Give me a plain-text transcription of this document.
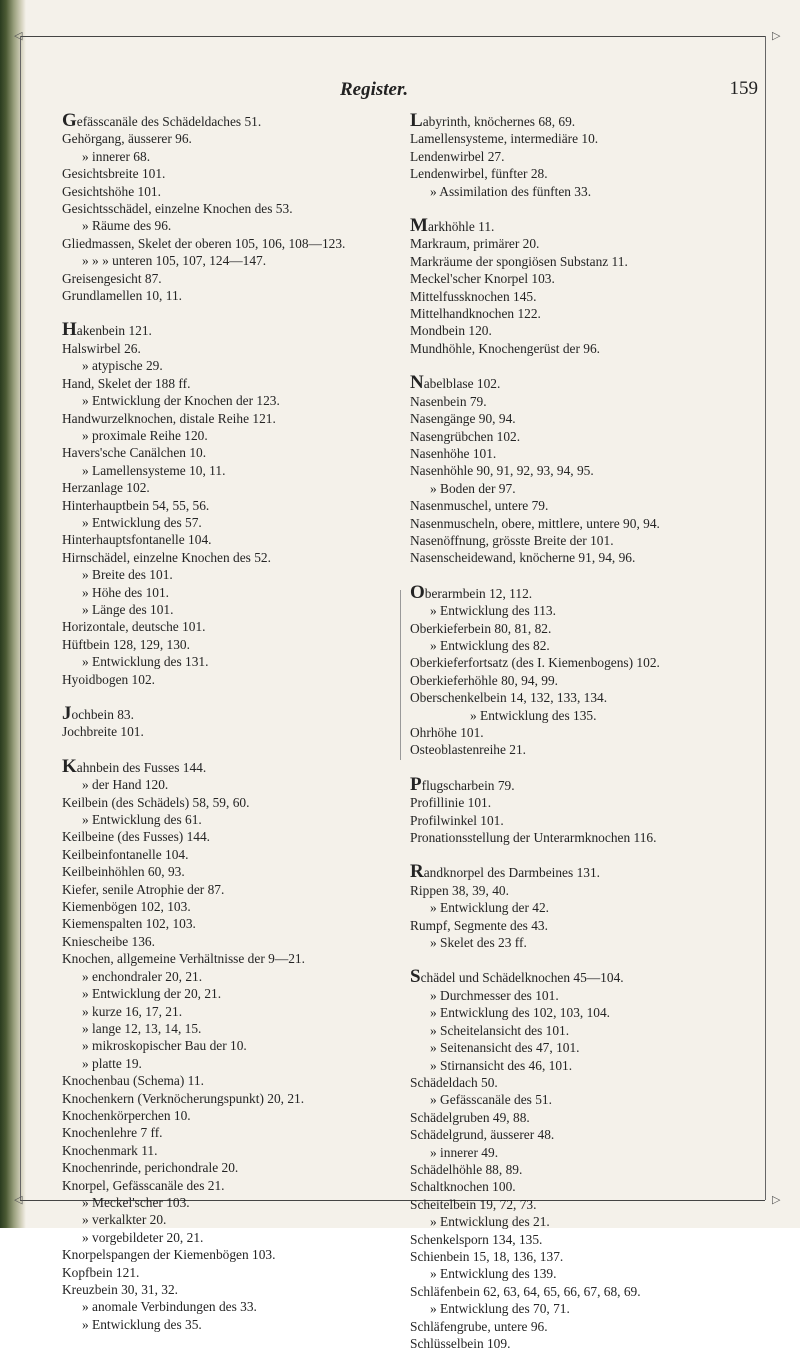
◁	▷
◁	▷
Register.	159
Gefässcanäle des Schädeldaches 51.
Gehörgang, äusserer 96.
» innerer 68.
Gesichtsbreite 101.
Gesichtshöhe 101.
Gesichtsschädel, einzelne Knochen des 53.
» Räume des 96.
Gliedmassen, Skelet der oberen 105, 106, 108—123.
» » » unteren 105, 107, 124—147.
Greisengesicht 87.
Grundlamellen 10, 11.
Hakenbein 121.
Halswirbel 26.
» atypische 29.
Hand, Skelet der 188 ff.
» Entwicklung der Knochen der 123.
Handwurzelknochen, distale Reihe 121.
» proximale Reihe 120.
Havers'sche Canälchen 10.
» Lamellensysteme 10, 11.
Herzanlage 102.
Hinterhauptbein 54, 55, 56.
» Entwicklung des 57.
Hinterhauptsfontanelle 104.
Hirnschädel, einzelne Knochen des 52.
» Breite des 101.
» Höhe des 101.
» Länge des 101.
Horizontale, deutsche 101.
Hüftbein 128, 129, 130.
» Entwicklung des 131.
Hyoidbogen 102.
Jochbein 83.
Jochbreite 101.
Kahnbein des Fusses 144.
» der Hand 120.
Keilbein (des Schädels) 58, 59, 60.
» Entwicklung des 61.
Keilbeine (des Fusses) 144.
Keilbeinfontanelle 104.
Keilbeinhöhlen 60, 93.
Kiefer, senile Atrophie der 87.
Kiemenbögen 102, 103.
Kiemenspalten 102, 103.
Kniescheibe 136.
Knochen, allgemeine Verhältnisse der 9—21.
» enchondraler 20, 21.
» Entwicklung der 20, 21.
» kurze 16, 17, 21.
» lange 12, 13, 14, 15.
» mikroskopischer Bau der 10.
» platte 19.
Knochenbau (Schema) 11.
Knochenkern (Verknöcherungspunkt) 20, 21.
Knochenkörperchen 10.
Knochenlehre 7 ff.
Knochenmark 11.
Knochenrinde, perichondrale 20.
Knorpel, Gefässcanäle des 21.
» Meckel'scher 103.
» verkalkter 20.
» vorgebildeter 20, 21.
Knorpelspangen der Kiemenbögen 103.
Kopfbein 121.
Kreuzbein 30, 31, 32.
» anomale Verbindungen des 33.
» Entwicklung des 35.
Labyrinth, knöchernes 68, 69.
Lamellensysteme, intermediäre 10.
Lendenwirbel 27.
Lendenwirbel, fünfter 28.
» Assimilation des fünften 33.
Markhöhle 11.
Markraum, primärer 20.
Markräume der spongiösen Substanz 11.
Meckel'scher Knorpel 103.
Mittelfussknochen 145.
Mittelhandknochen 122.
Mondbein 120.
Mundhöhle, Knochengerüst der 96.
Nabelblase 102.
Nasenbein 79.
Nasengänge 90, 94.
Nasengrübchen 102.
Nasenhöhe 101.
Nasenhöhle 90, 91, 92, 93, 94, 95.
» Boden der 97.
Nasenmuschel, untere 79.
Nasenmuscheln, obere, mittlere, untere 90, 94.
Nasenöffnung, grösste Breite der 101.
Nasenscheidewand, knöcherne 91, 94, 96.
Oberarmbein 12, 112.
» Entwicklung des 113.
Oberkieferbein 80, 81, 82.
» Entwicklung des 82.
Oberkieferfortsatz (des I. Kiemenbogens) 102.
Oberkieferhöhle 80, 94, 99.
Oberschenkelbein 14, 132, 133, 134.
» Entwicklung des 135.
Ohrhöhe 101.
Osteoblastenreihe 21.
Pflugscharbein 79.
Profillinie 101.
Profilwinkel 101.
Pronationsstellung der Unterarmknochen 116.
Randknorpel des Darmbeines 131.
Rippen 38, 39, 40.
» Entwicklung der 42.
Rumpf, Segmente des 43.
» Skelet des 23 ff.
Schädel und Schädelknochen 45—104.
» Durchmesser des 101.
» Entwicklung des 102, 103, 104.
» Scheitelansicht des 101.
» Seitenansicht des 47, 101.
» Stirnansicht des 46, 101.
Schädeldach 50.
» Gefässcanäle des 51.
Schädelgruben 49, 88.
Schädelgrund, äusserer 48.
» innerer 49.
Schädelhöhle 88, 89.
Schaltknochen 100.
Scheitelbein 19, 72, 73.
» Entwicklung des 21.
Schenkelsporn 134, 135.
Schienbein 15, 18, 136, 137.
» Entwicklung des 139.
Schläfenbein 62, 63, 64, 65, 66, 67, 68, 69.
» Entwicklung des 70, 71.
Schläfengrube, untere 96.
Schlüsselbein 109.
